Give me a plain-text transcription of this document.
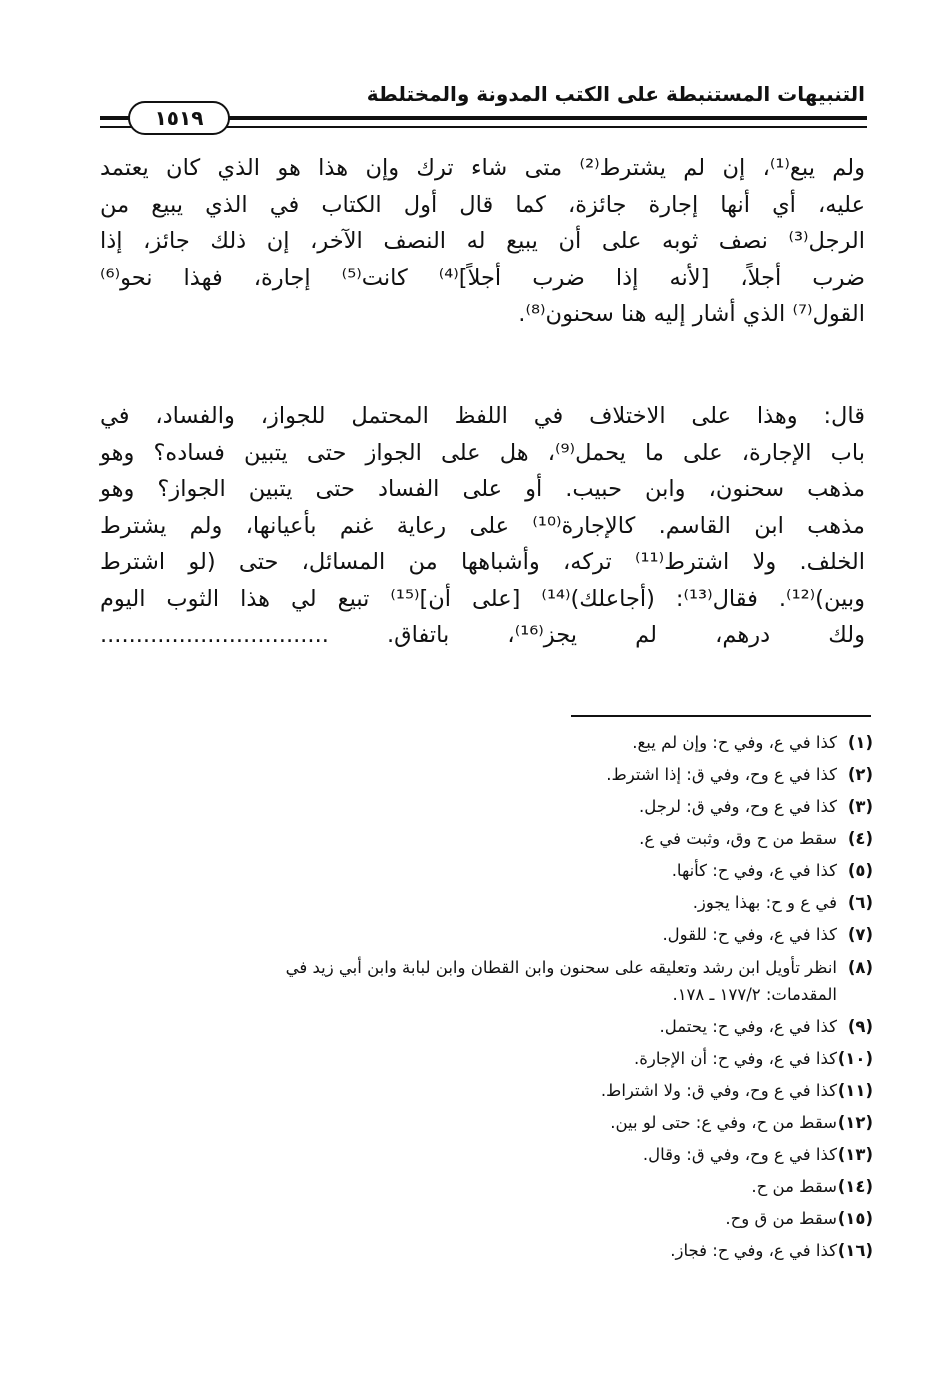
التنبيهات المستنبطة على الكتب المدونة والمختلطة
١٥١٩
ولم يبع⁽¹⁾، إن لم يشترط⁽²⁾ متى شاء ترك وإن هذا هو الذي كان يعتمد
عليه، أي أنها إجارة جائزة، كما قال أول الكتاب في الذي يبيع من
الرجل⁽³⁾ نصف ثوبه على أن يبيع له النصف الآخر، إن ذلك جائز، إذا
ضرب أجلاً، [لأنه إذا ضرب أجلاً]⁽⁴⁾ كانت⁽⁵⁾ إجارة، فهذا نحو⁽⁶⁾
القول⁽⁷⁾ الذي أشار إليه هنا سحنون⁽⁸⁾.
قال: وهذا على الاختلاف في اللفظ المحتمل للجواز، والفساد، في
باب الإجارة، على ما يحمل⁽⁹⁾، هل على الجواز حتى يتبين فساده؟ وهو
مذهب سحنون، وابن حبيب. أو على الفساد حتى يتبين الجواز؟ وهو
مذهب ابن القاسم. كالإجارة⁽¹⁰⁾ على رعاية غنم بأعيانها، ولم يشترط
الخلف. ولا اشترط⁽¹¹⁾ تركه، وأشباهها من المسائل، حتى (لو اشترط
وبين)⁽¹²⁾. فقال⁽¹³⁾: (أجاعلك)⁽¹⁴⁾ [على أن]⁽¹⁵⁾ تبيع لي هذا الثوب اليوم
ولك درهم، لم يجز⁽¹⁶⁾، باتفاق. ................................
(١)كذا في ع، وفي ح: وإن لم يبع.
(٢)كذا في ع وح، وفي ق: إذا اشترط.
(٣)كذا في ع وح، وفي ق: لرجل.
(٤)سقط من ح وق، وثبت في ع.
(٥)كذا في ع، وفي ح: كأنها.
(٦)في ع و ح: بهذا يجوز.
(٧)كذا في ع، وفي ح: للقول.
(٨)انظر تأويل ابن رشد وتعليقه على سحنون وابن القطان وابن لبابة وابن أبي زيد في
المقدمات: ١٧٧/٢ ـ ١٧٨.
(٩)كذا في ع، وفي ح: يحتمل.
(١٠)كذا في ع، وفي ح: أن الإجارة.
(١١)كذا في ع وح، وفي ق: ولا اشتراط.
(١٢)سقط من ح، وفي ع: حتى لو بين.
(١٣)كذا في ع وح، وفي ق: وقال.
(١٤)سقط من ح.
(١٥)سقط من ق وح.
(١٦)كذا في ع، وفي ح: فجاز.
